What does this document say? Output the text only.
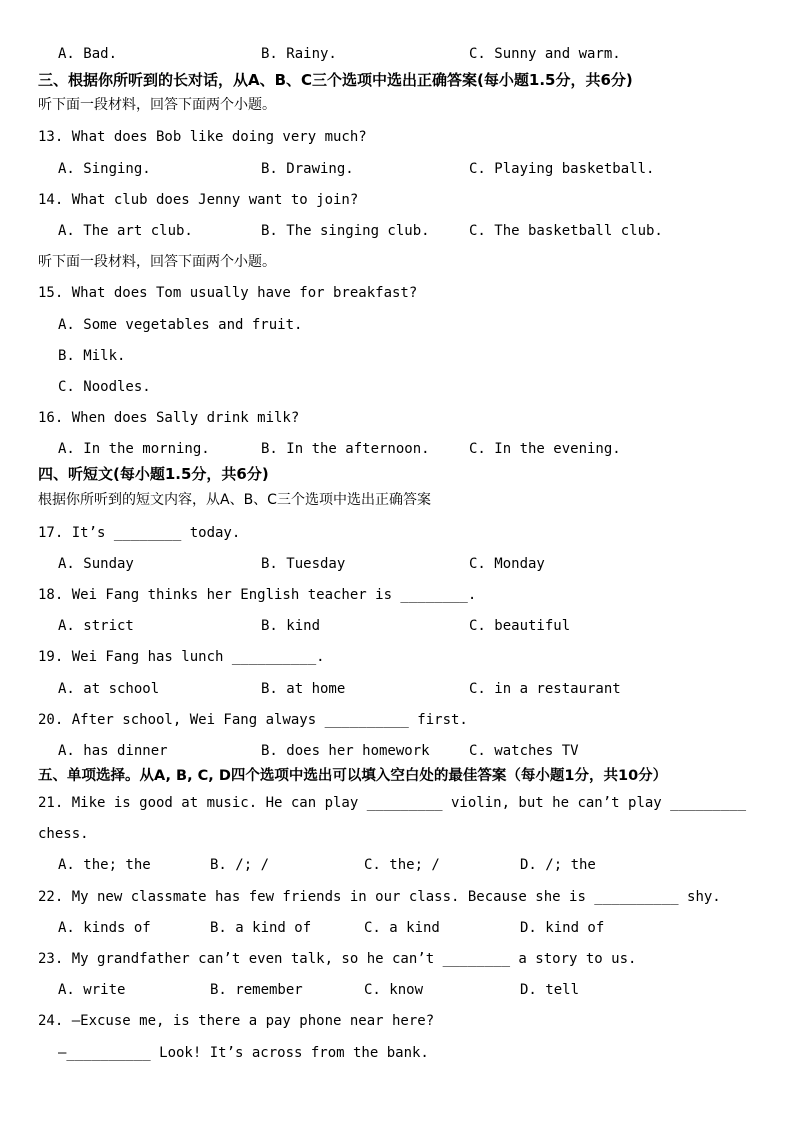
A. Bad.	B. Rainy.	C. Sunny and warm.
三、根据你所听到的长对话，从A、B、C三个选项中选出正确答案(每小题1.5分，共6分)
听下面一段材料，回答下面两个小题。
13. What does Bob like doing very much?
A. Singing.	B. Drawing.	C. Playing basketball.
14. What club does Jenny want to join?
A. The art club.	B. The singing club.	C. The basketball club.
听下面一段材料，回答下面两个小题。
15. What does Tom usually have for breakfast?
A. Some vegetables and fruit.
B. Milk.
C. Noodles.
16. When does Sally drink milk?
A. In the morning.	B. In the afternoon.	C. In the evening.
四、听短文(每小题1.5分，共6分)
根据你所听到的短文内容，从A、B、C三个选项中选出正确答案
17. It’s ________ today.
A. Sunday	B. Tuesday	C. Monday
18. Wei Fang thinks her English teacher is ________.
A. strict	B. kind	C. beautiful
19. Wei Fang has lunch __________.
A. at school	B. at home	C. in a restaurant
20. After school, Wei Fang always __________ first.
A. has dinner	B. does her homework	C. watches TV
五、单项选择。从A, B, C, D四个选项中选出可以填入空白处的最佳答案（每小题1分，共10分）
21. Mike is good at music. He can play _________ violin, but he can’t play _________
chess.
A. the; the	B. /; /	C. the; /	D. /; the
22. My new classmate has few friends in our class. Because she is __________ shy.
A. kinds of	B. a kind of	C. a kind	D. kind of
23. My grandfather can’t even talk, so he can’t ________ a story to us.
A. write	B. remember	C. know	D. tell
24. —Excuse me, is there a pay phone near here?
—__________ Look! It’s across from the bank.
